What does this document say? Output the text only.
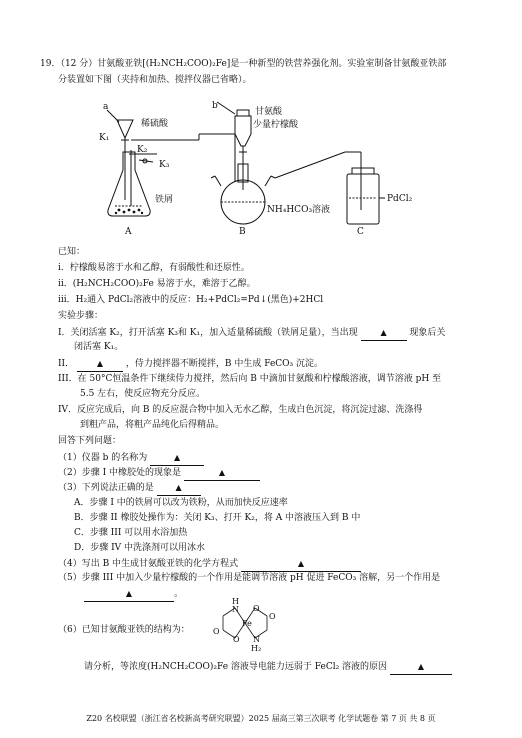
19．（12 分）甘氨酸亚铁[(H₂NCH₂COO)₂Fe]是一种新型的铁营养强化剂。实验室制备甘氨酸亚铁部
分装置如下图（夹持和加热、搅拌仪器已省略）。
a
K₁
稀硫酸
K₂
K₃
铁屑
b
甘氨酸
少量柠檬酸
NH₄HCO₃溶液
PdCl₂
A	B	C
已知：
i．柠檬酸易溶于水和乙醇，有弱酸性和还原性。
ii．(H₂NCH₂COO)₂Fe 易溶于水，难溶于乙醇。
iii．H₂通入 PdCl₂溶液中的反应：H₂+PdCl₂=Pd↓(黑色)+2HCl
实验步骤：
I．关闭活塞 K₂，打开活塞 K₃和 K₁，加入适量稀硫酸（铁屑足量），当出现	▲	现象后关
闭活塞 K₁。
II．	▲	，侍力搅拌器不断搅拌，B 中生成 FeCO₃ 沉淀。
III．在 50°C恒温条件下继续侍力搅拌，然后向 B 中滴加甘氨酸和柠檬酸溶液，调节溶液 pH 至
5.5 左右，使反应物充分反应。
IV．反应完成后，向 B 的反应混合物中加入无水乙醇，生成白色沉淀，将沉淀过滤、洗涤得
到粗产品，将粗产品纯化后得精品。
回答下列问题：
（1）仪器 b 的名称为	▲
（2）步骤 I 中橡胶处的现象是	▲
（3）下列说法正确的是	▲
A．步骤 I 中的铁屑可以改为铁粉，从而加快反应速率
B．步骤 II 橡胶处操作为：关闭 K₃、打开 K₂，将 A 中溶液压入到 B 中
C．步骤 III 可以用水浴加热
D．步骤 IV 中洗涤剂可以用冰水
（4）写出 B 中生成甘氨酸亚铁的化学方程式	▲
（5）步骤 III 中加入少量柠檬酸的一个作用是能调节溶液 pH 促进 FeCO₃ 溶解，另一个作用是
▲	。
（6）已知甘氨酸亚铁的结构为：
H
N
Fe
O
O
O
O
N
H₂
请分析，等浓度(H₂NCH₂COO)₂Fe 溶液导电能力远弱于 FeCl₂ 溶液的原因	▲
Z20 名校联盟（浙江省名校新高考研究联盟）2025 届高三第三次联考 化学试题卷 第 7 页 共 8 页
